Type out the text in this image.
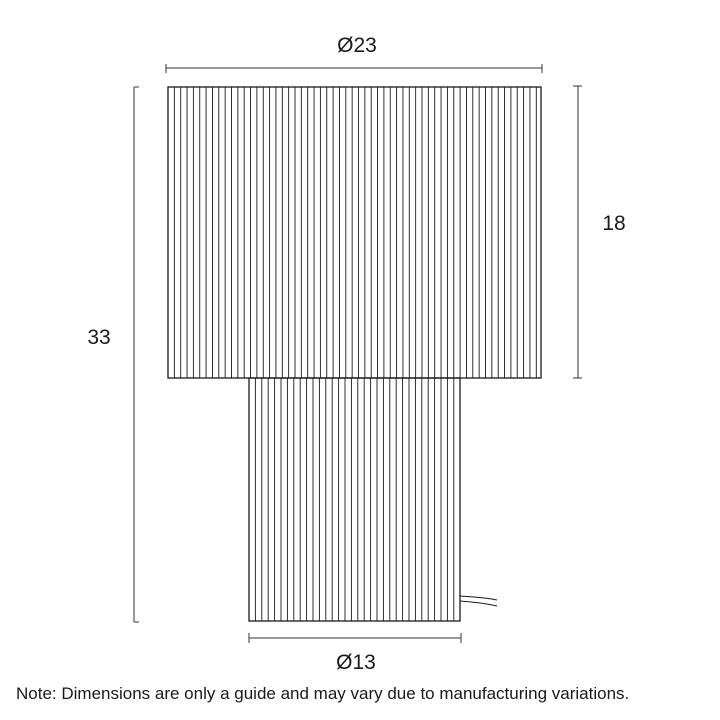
Ø23
18
33
Ø13
Note: Dimensions are only a guide and may vary due to manufacturing variations.
